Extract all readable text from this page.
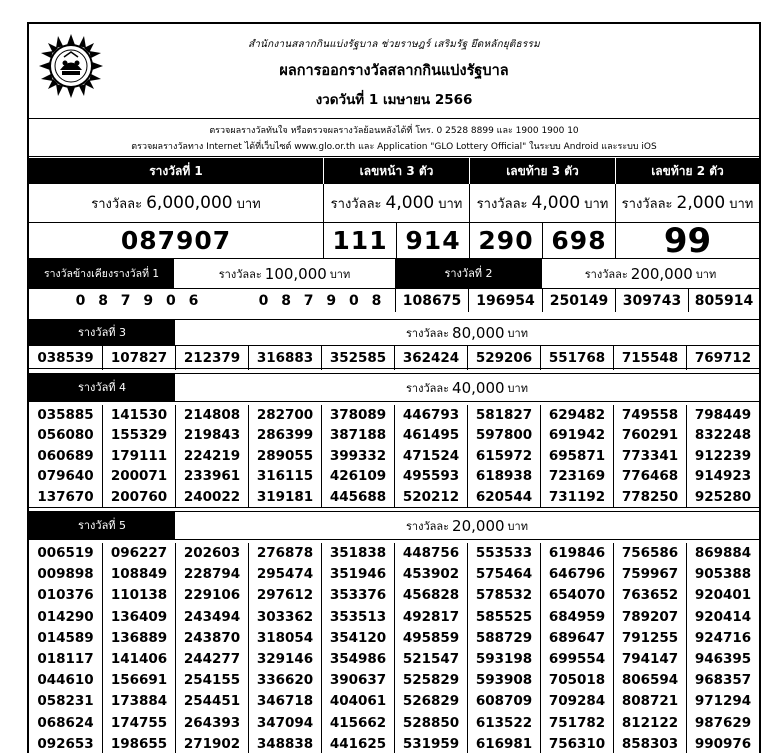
สำนักงานสลากกินแบ่งรัฐบาล ช่วยราษฎร์ เสริมรัฐ ยึดหลักยุติธรรม
ผลการออกรางวัลสลากกินแบ่งรัฐบาล
งวดวันที่ 1 เมษายน 2566
ตรวจผลรางวัลทันใจ หรือตรวจผลรางวัลย้อนหลังได้ที่ โทร. 0 2528 8899 และ 1900 1900 10
ตรวจผลรางวัลทาง Internet ได้ที่เว็บไซต์ www.glo.or.th และ Application "GLO Lottery Official" ในระบบ Android และระบบ iOS
รางวัลที่ 1	เลขหน้า 3 ตัว	เลขท้าย 3 ตัว	เลขท้าย 2 ตัว
รางวัลละ 6,000,000 บาท	รางวัลละ 4,000 บาท รางวัลละ 4,000 บาท รางวัลละ 2,000 บาท
087907	111 914 290 698	99
รางวัลข้างเคียงรางวัลที่ 1	รางวัลละ 100,000 บาท	รางวัลที่ 2	รางวัลละ 200,000 บาท
0 8 7 9 0 6	0 8 7 9 0 8	108675	196954	250149	309743 805914
รางวัลที่ 3	รางวัลละ 80,000 บาท
038539	107827	212379	316883	352585	362424	529206	551768	715548	769712
รางวัลที่ 4	รางวัลละ 40,000 บาท
035885	141530	214808	282700	378089	446793	581827	629482	749558	798449
056080	155329	219843	286399	387188	461495	597800	691942	760291	832248
060689	179111	224219	289055	399332	471524	615972	695871	773341	912239
079640	200071	233961	316115	426109	495593	618938	723169	776468	914923
137670	200760	240022	319181	445688	520212	620544	731192	778250	925280
รางวัลที่ 5	รางวัลละ 20,000 บาท
006519	096227	202603	276878	351838	448756	553533	619846	756586	869884
009898	108849	228794	295474	351946	453902	575464	646796	759967	905388
010376	110138	229106	297612	353376	456828	578532	654070	763652	920401
014290	136409	243494	303362	353513	492817	585525	684959	789207	920414
014589	136889	243870	318054	354120	495859	588729	689647	791255	924716
018117	141406	244277	329146	354986	521547	593198	699554	794147	946395
044610	156691	254155	336620	390637	525829	593908	705018	806594	968357
058231	173884	254451	346718	404061	526829	608709	709284	808721	971294
068624	174755	264393	347094	415662	528850	613522	751782	812122	987629
092653	198655	271902	348838	441625	531959	616981	756310	858303	990976
